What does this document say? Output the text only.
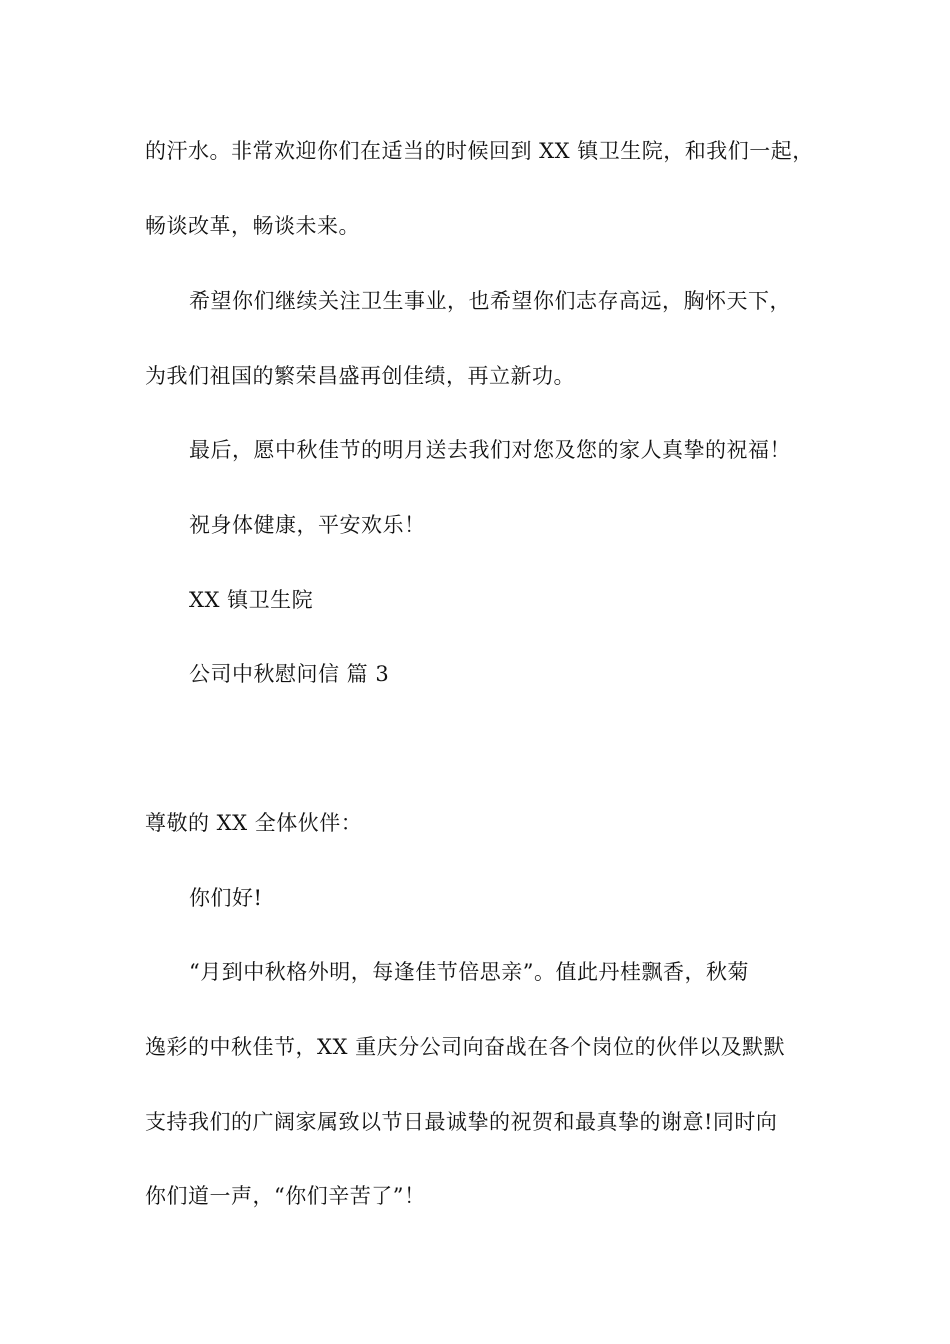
的汗水。非常欢迎你们在适当的时候回到 XX 镇卫生院，和我们一起，
畅谈改革，畅谈未来。
希望你们继续关注卫生事业，也希望你们志存高远，胸怀天下，
为我们祖国的繁荣昌盛再创佳绩，再立新功。
最后，愿中秋佳节的明月送去我们对您及您的家人真挚的祝福！
祝身体健康，平安欢乐！
XX 镇卫生院
公司中秋慰问信 篇 3
尊敬的 XX 全体伙伴：
你们好!
“月到中秋格外明，每逢佳节倍思亲”。值此丹桂飘香，秋菊
逸彩的中秋佳节，XX 重庆分公司向奋战在各个岗位的伙伴以及默默
支持我们的广阔家属致以节日最诚挚的祝贺和最真挚的谢意!同时向
你们道一声，“你们辛苦了”！
